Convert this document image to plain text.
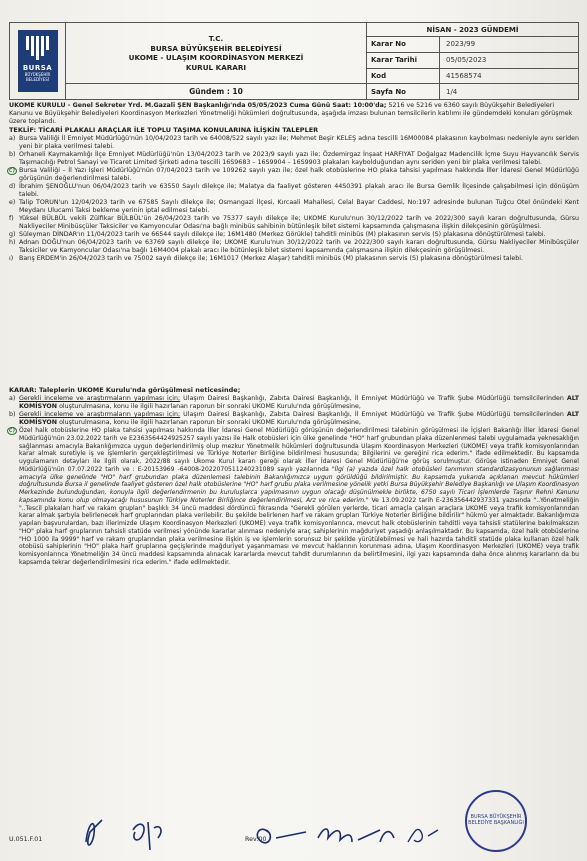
BURSA
BÜYÜKŞEHİR BELEDİYESİ
T.C.
BURSA BÜYÜKŞEHİR BELEDİYESİ
UKOME - ULAŞIM KOORDİNASYON MERKEZİ
KURUL KARARI
Gündem : 10
NİSAN - 2023 GÜNDEMİ
Karar No	2023/99
Karar Tarihi	05/05/2023
Kod	41568574
Sayfa No	1/4
UKOME KURULU - Genel Sekreter Yrd. M.Gazali ŞEN Başkanlığı'nda 05/05/2023 Cuma Günü Saat: 10:00'da; 5216 ve 5216 ve 6360 sayılı Büyükşehir Belediyeleri Kanunu ve Büyükşehir Belediyeleri Koordinasyon Merkezleri Yönetmeliği hükümleri doğrultusunda, aşağıda imzası bulunan temsilcilerin katılımı ile gündemdeki konuları görüşmek üzere toplandı.
TEKLİF: TİCARİ PLAKALI ARAÇLAR İLE TOPLU TAŞIMA KONULARINA İLİŞKİN TALEPLER
a) Bursa Valiliği İl Emniyet Müdürlüğü'nün 10/04/2023 tarih ve 64008/522 sayılı yazı ile; Mehmet Beşir KELEŞ adına tescilli 16M00084 plakasının kaybolması nedeniyle aynı seriden yeni bir plaka verilmesi talebi.
b) Orhaneli Kaymakamlığı İlçe Emniyet Müdürlüğü'nün 13/04/2023 tarih ve 2023/9 sayılı yazı ile; Özdemirgaz İnşaat HARFIYAT Doğalgaz Madencilik İçme Suyu Hayvancılık Servis Taşımacılığı Petrol Sanayi ve Ticaret Limited Şirketi adına tescilli 16S9683 – 16S9904 – 16S9903 plakaları kaybolduğundan aynı seriden yeni bir plaka verilmesi talebi.
c) Bursa Valiliği – İl Yazı İşleri Müdürlüğü'nün 07/04/2023 tarih ve 109262 sayılı yazı ile; özel halk otobüslerine HO plaka tahsisi yapılması hakkında İller İdaresi Genel Müdürlüğü görüşünün değerlendirilmesi talebi.
d) İbrahim ŞENOĞLU'nun 06/04/2023 tarih ve 63550 Sayılı dilekçe ile; Malatya da faaliyet gösteren 44S0391 plakalı aracı ile Bursa Gemlik İlçesinde çalışabilmesi için dönüşüm talebi.
e) Talip TORUN'un 12/04/2023 tarih ve 67585 Sayılı dilekçe ile; Osmangazi İlçesi, Kırcaali Mahallesi, Celal Bayar Caddesi, No:197 adresinde bulunan Tuğcu Otel önündeki Kent Meydanı Ulucami Taksi bekleme yerinin iptal edilmesi talebi.
f) Yüksel BÜLBÜL vekili Zülfikar BÜLBÜL'ün 26/04/2023 tarih ve 75377 sayılı dilekçe ile; UKOME Kurulu'nun 30/12/2022 tarih ve 2022/300 sayılı kararı doğrultusunda, Gürsu Nakliyeciler Minibüsçüler Taksiciler ve Kamyoncular Odası'na bağlı minibüs sahibinin bütünleşik bilet sistemi kapsamında çalışmasına ilişkin dilekçesinin görüşülmesi.
g) Süleyman DİNDAR'ın 11/04/2023 tarih ve 66544 sayılı dilekçe ile; 16M1480 (Merkez Görükle) tahditli minibüs (M) plakasının servis (S) plakasına dönüştürülmesi talebi.
h) Adnan DOĞU'nun 06/04/2023 tarih ve 63769 sayılı dilekçe ile; UKOME Kurulu'nun 30/12/2022 tarih ve 2022/300 sayılı kararı doğrultusunda, Gürsu Nakliyeciler Minibüsçüler Taksiciler ve Kamyoncular Odası'na bağlı 16M4004 plakalı aracı ile bütünleşik bilet sistemi kapsamında çalışmasına ilişkin dilekçesinin görüşülmesi.
ı) Barış ERDEM'in 26/04/2023 tarih ve 75002 sayılı dilekçe ile; 16M1017 (Merkez Alaşar) tahditli minibüs (M) plakasının servis (S) plakasına dönüştürülmesi talebi.
KARAR: Taleplerin UKOME Kurulu'nda görüşülmesi neticesinde;
a) Gerekli inceleme ve araştırmaların yapılması için; Ulaşım Dairesi Başkanlığı, Zabıta Dairesi Başkanlığı, İl Emniyet Müdürlüğü ve Trafik Şube Müdürlüğü temsilcilerinden ALT KOMİSYON oluşturulmasına, konu ile ilgili hazırlanan raporun bir sonraki UKOME Kurulu'nda görüşülmesine,
b) Gerekli inceleme ve araştırmaların yapılması için; Ulaşım Dairesi Başkanlığı, Zabıta Dairesi Başkanlığı, İl Emniyet Müdürlüğü ve Trafik Şube Müdürlüğü temsilcilerinden ALT KOMİSYON oluşturulmasına, konu ile ilgili hazırlanan raporun bir sonraki UKOME Kurulu'nda görüşülmesine,
c) Özel halk otobüslerine HO plaka tahsisi yapılması hakkında İller İdaresi Genel Müdürlüğü görüşünün değerlendirilmesi talebinin görüşülmesi ile İçişleri Bakanlığı İller İdaresi Genel Müdürlüğü'nün 23.02.2022 tarih ve E2363564424925257 sayılı yazısı ile Halk otobüsleri için ülke genelinde "HO" harf grubundan plaka düzenlenmesi talebi uygulamada yeknesaklığın sağlanması amacıyla Bakanlığımızca uygun değerlendirilmiş olup mezkur Yönetmelik hükümleri doğrultusunda Ulaşım Koordinasyon Merkezleri (UKOME) veya trafik komisyonlarından karar almak suretiyle iş ve işlemlerin gerçekleştirilmesi ve Türkiye Noterler Birliğine bildirilmesi hususunda; Bilgilerini ve gereğini rica ederim." ifade edilmektedir. Bu kapsamda uygulamanın detayları ile ilgili olarak, 2022/88 sayılı Ukome Kurul kararı gereği olarak İller İdaresi Genel Müdürlüğü'ne görüş sorulmuştur. Görüşe istinaden Emniyet Genel Müdürlüğü'nün 07.07.2022 tarih ve : E-20153969 -64008-2022070511240231089 sayılı yazılarında "İlgi (a) yazıda özel halk otobüsleri tanımının standardizasyonunun sağlanması amacıyla ülke genelinde "HO" harf grubundan plaka düzenlemesi talebinin Bakanlığımızca uygun görüldüğü bildirilmiştir. Bu kapsamda yukarıda açıklanan mevcut hükümleri doğrultusunda Bursa il genelinde faaliyet gösteren özel halk otobüslerine "HO" harf grubu plaka verilmesine yönelik yetki Bursa Büyükşehir Belediye Başkanlığı ve Ulaşım Koordinasyon Merkezinde bulunduğundan, konuyla ilgili değerlendirmenin bu kuruluşlarca yapılmasının uygun olacağı düşünülmekle birlikte, 6750 sayılı Ticari İşlemlerde Taşınır Rehni Kanunu kapsamında konu olup olmayacağı hususunun Türkiye Noterler Birliğince değerlendirilmesi, Arz ve rica ederim." Ve 13.09.2022 tarih E-236356442937331 yazısında "..Yönetmeliğin "..Tescil plakaları harf ve rakam grupları" başlıklı 34 üncü maddesi dördüncü fıkrasında "Gerekli görülen yerlerde, ticari amaçla çalışan araçlara UKOME veya trafik komisyonlarından karar almak şartıyla belirlenecek harf gruplarından plaka verilebilir. Bu şekilde belirlenen harf ve rakam grupları Türkiye Noterler Birliğine bildirilir" hükmü yer almaktadır. Bakanlığımıza yapılan başvurulardan, bazı illerimizde Ulaşım Koordinasyon Merkezleri (UKOME) veya trafik komisyonlarınca, mevcut halk otobüslerinin tahditli veya tahsisli statülerine bakılmaksızın "HO" plaka harf gruplarının tahsisli statüde verilmesi yönünde kararlar alınması nedeniyle araç sahiplerinin mağduriyet yaşadığı anlaşılmaktadır. Bu kapsamda, özel halk otobüslerine "HO 1000 ila 9999" harf ve rakam gruplarından plaka verilmesine ilişkin iş ve işlemlerin sorunsuz bir şekilde yürütülebilmesi ve hali hazırda tahditli statüde plaka kullanan özel halk otobüsü sahiplerinin "HO" plaka harf gruplarına geçişlerinde mağduriyet yaşanmaması ve mevcut haklarının korunması adına, Ulaşım Koordinasyon Merkezleri (UKOME) veya trafik komisyonlarınca Yönetmeliğin 34 üncü maddesi kapsamında alınacak kararlarda mevcut tahdit durumlarının da belirtilmesini, ilgi yazı kapsamında daha önce alınmış kararların da bu kapsamda tekrar değerlendirilmesini rica ederim." ifade edilmektedir.
U.051.F.01	Rev:00
BURSA BÜYÜKŞEHİR BELEDİYE BAŞKANLIĞI
